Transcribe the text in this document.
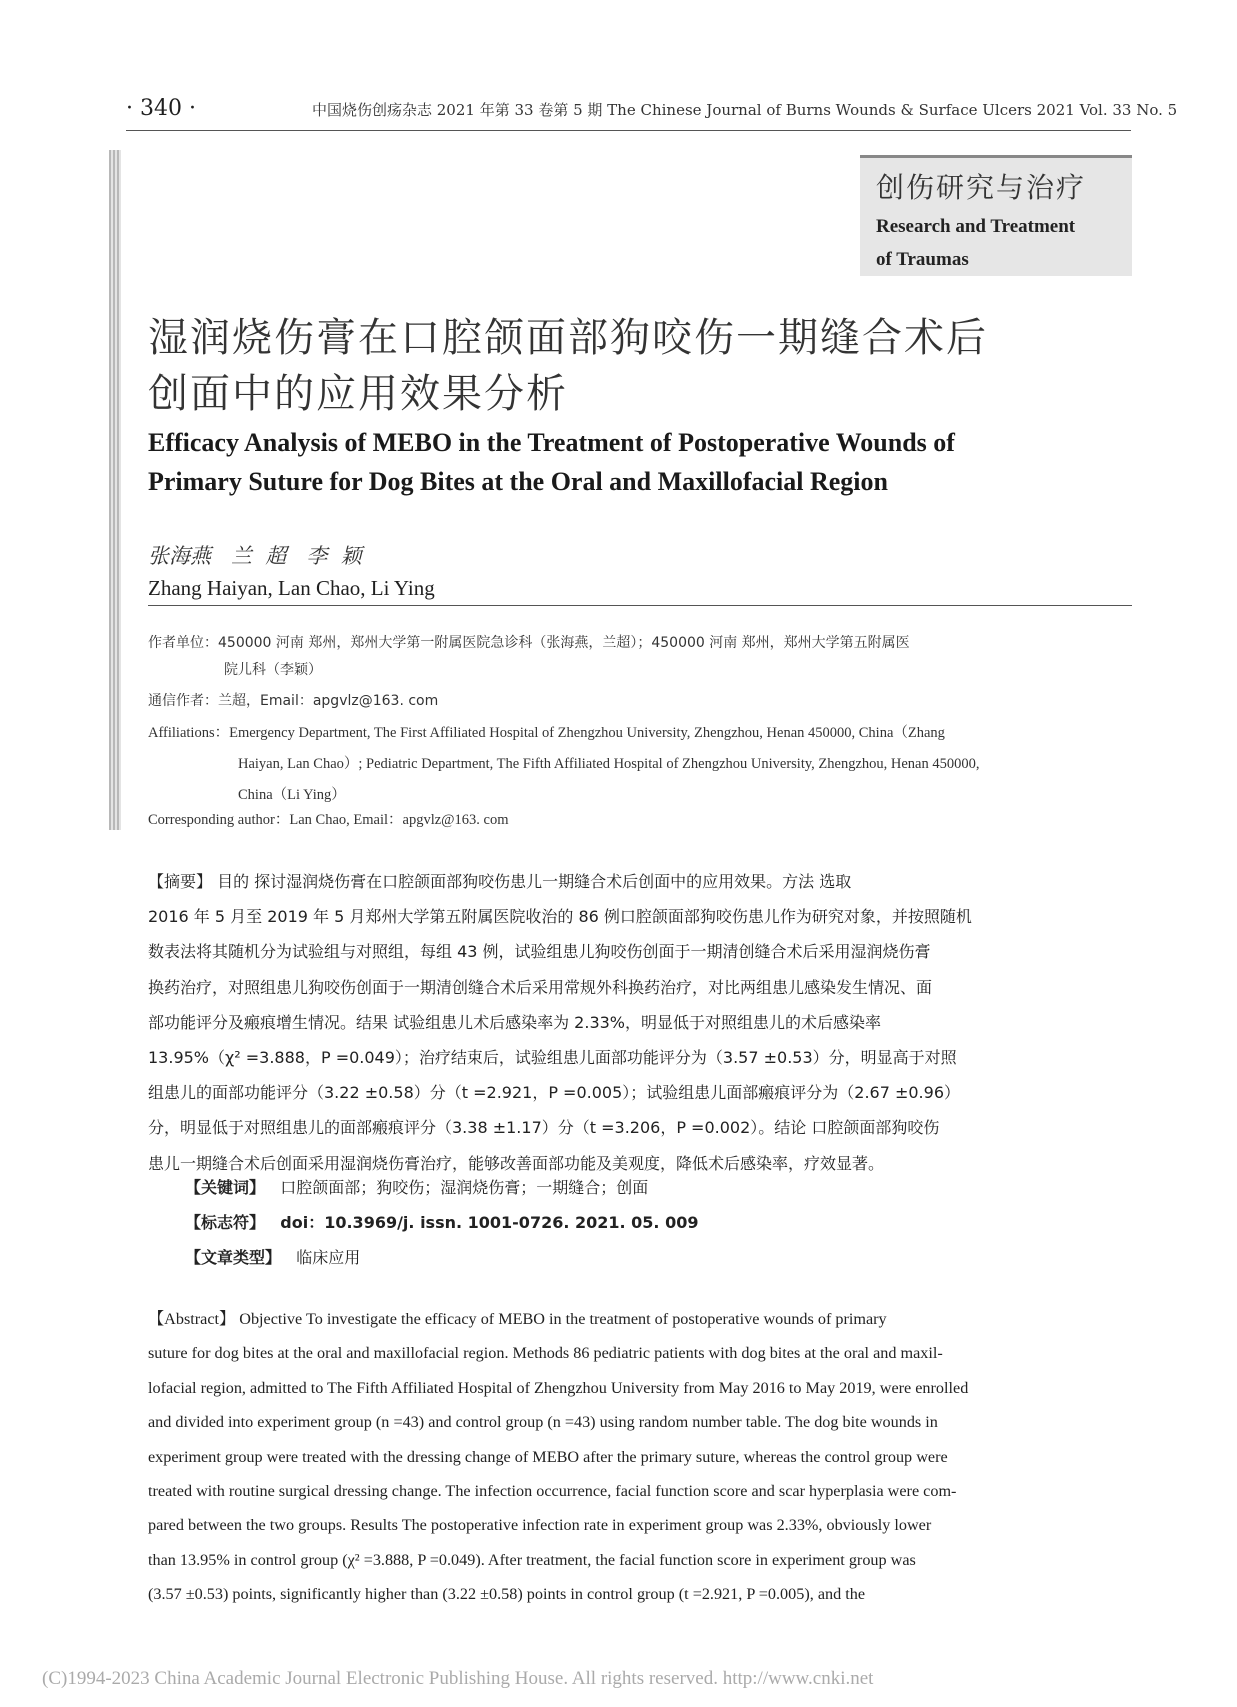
· 340 ·	中国烧伤创疡杂志 2021 年第 33 卷第 5 期 The Chinese Journal of Burns Wounds & Surface Ulcers 2021 Vol. 33 No. 5
创伤研究与治疗
Research and Treatment
of Traumas
湿润烧伤膏在口腔颌面部狗咬伤一期缝合术后
创面中的应用效果分析
Efficacy Analysis of MEBO in the Treatment of Postoperative Wounds of
Primary Suture for Dog Bites at the Oral and Maxillofacial Region
张海燕   兰  超   李  颖
Zhang Haiyan, Lan Chao, Li Ying
作者单位：450000 河南 郑州，郑州大学第一附属医院急诊科（张海燕，兰超）；450000 河南 郑州，郑州大学第五附属医
院儿科（李颖）
通信作者：兰超，Email：apgvlz@163. com
Affiliations：Emergency Department, The First Affiliated Hospital of Zhengzhou University, Zhengzhou, Henan 450000, China（Zhang
Haiyan, Lan Chao）; Pediatric Department, The Fifth Affiliated Hospital of Zhengzhou University, Zhengzhou, Henan 450000,
China（Li Ying）
Corresponding author：Lan Chao, Email：apgvlz@163. com
【摘要】 目的 探讨湿润烧伤膏在口腔颌面部狗咬伤患儿一期缝合术后创面中的应用效果。方法 选取
2016 年 5 月至 2019 年 5 月郑州大学第五附属医院收治的 86 例口腔颌面部狗咬伤患儿作为研究对象，并按照随机
数表法将其随机分为试验组与对照组，每组 43 例，试验组患儿狗咬伤创面于一期清创缝合术后采用湿润烧伤膏
换药治疗，对照组患儿狗咬伤创面于一期清创缝合术后采用常规外科换药治疗，对比两组患儿感染发生情况、面
部功能评分及瘢痕增生情况。结果 试验组患儿术后感染率为 2.33%，明显低于对照组患儿的术后感染率
13.95%（χ² =3.888，P =0.049）；治疗结束后，试验组患儿面部功能评分为（3.57 ±0.53）分，明显高于对照
组患儿的面部功能评分（3.22 ±0.58）分（t =2.921，P =0.005）；试验组患儿面部瘢痕评分为（2.67 ±0.96）
分，明显低于对照组患儿的面部瘢痕评分（3.38 ±1.17）分（t =3.206，P =0.002）。结论 口腔颌面部狗咬伤
患儿一期缝合术后创面采用湿润烧伤膏治疗，能够改善面部功能及美观度，降低术后感染率，疗效显著。
【关键词】 口腔颌面部；狗咬伤；湿润烧伤膏；一期缝合；创面
【标志符】 doi：10.3969/j. issn. 1001-0726. 2021. 05. 009
【文章类型】 临床应用
【Abstract】 Objective To investigate the efficacy of MEBO in the treatment of postoperative wounds of primary
suture for dog bites at the oral and maxillofacial region. Methods 86 pediatric patients with dog bites at the oral and maxil-
lofacial region, admitted to The Fifth Affiliated Hospital of Zhengzhou University from May 2016 to May 2019, were enrolled
and divided into experiment group (n =43) and control group (n =43) using random number table. The dog bite wounds in
experiment group were treated with the dressing change of MEBO after the primary suture, whereas the control group were
treated with routine surgical dressing change. The infection occurrence, facial function score and scar hyperplasia were com-
pared between the two groups. Results The postoperative infection rate in experiment group was 2.33%, obviously lower
than 13.95% in control group (χ² =3.888, P =0.049). After treatment, the facial function score in experiment group was
(3.57 ±0.53) points, significantly higher than (3.22 ±0.58) points in control group (t =2.921, P =0.005), and the
(C)1994-2023 China Academic Journal Electronic Publishing House. All rights reserved. http://www.cnki.net
